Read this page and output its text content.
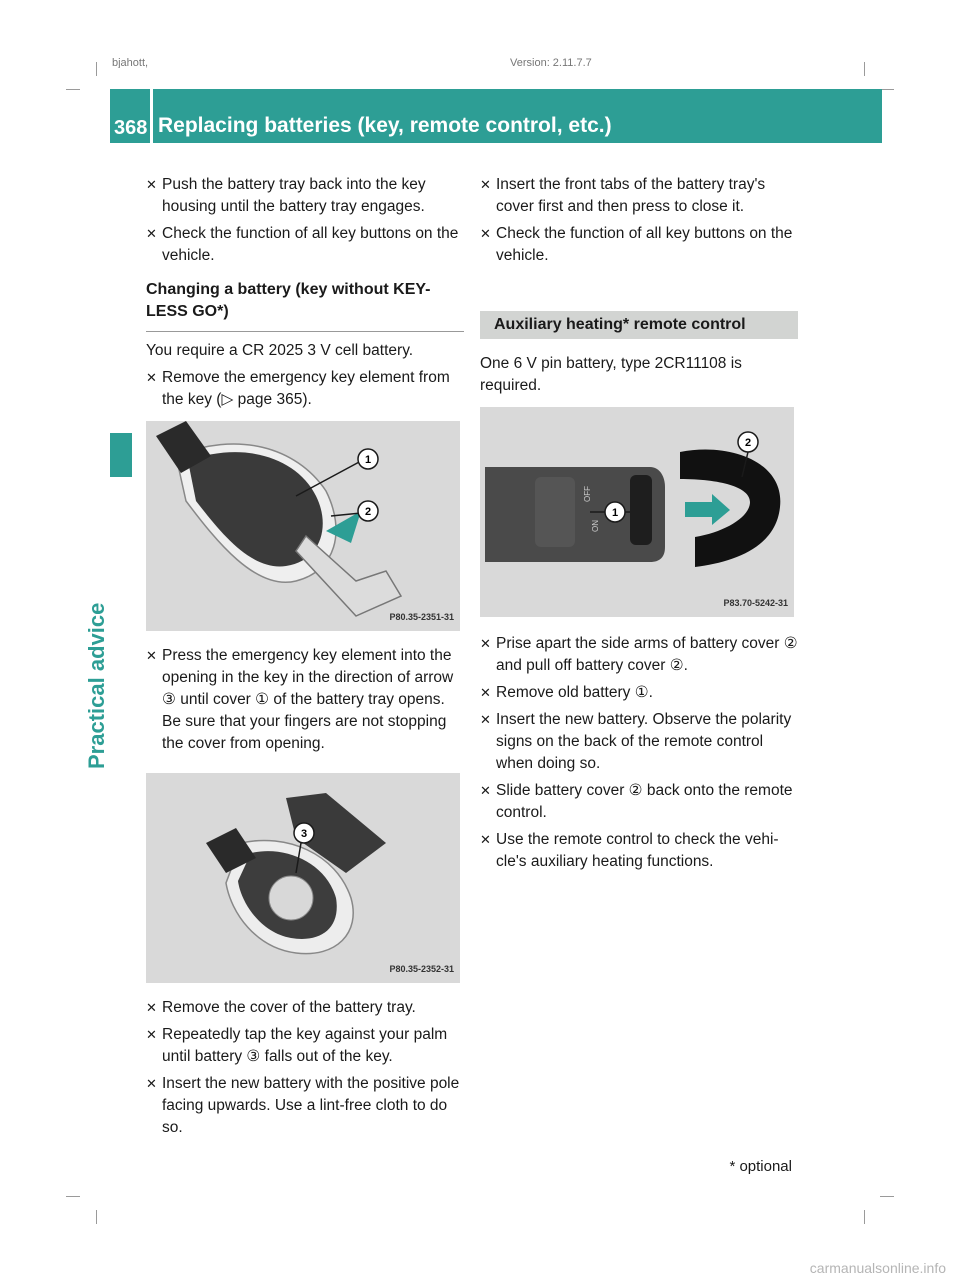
bjahott,	Version: 2.11.7.7
Practical advice
368 Replacing batteries (key, remote control, etc.)
✕ Push the battery tray back into the key housing until the battery tray engages.
✕ Check the function of all key buttons on the vehicle.
Changing a battery (key without KEY-LESS GO*)

You require a CR 2025 3 V cell battery.

✕ Remove the emergency key element from the key (▷ page 365).
1
2
P80.35-2351-31
✕ Press the emergency key element into the opening in the key in the direction of arrow ③ until cover ① of the battery tray opens. Be sure that your fingers are not stopping the cover from opening.
3
P80.35-2352-31
✕ Remove the cover of the battery tray.
✕ Repeatedly tap the key against your palm until battery ③ falls out of the key.
✕ Insert the new battery with the positive pole facing upwards. Use a lint-free cloth to do so.
✕ Insert the front tabs of the battery tray's cover first and then press to close it.
✕ Check the function of all key buttons on the vehicle.
Auxiliary heating* remote control

One 6 V pin battery, type 2CR11108 is required.

OFF
ON
1
2
P83.70-5242-31
✕ Prise apart the side arms of battery cover ② and pull off battery cover ②.
✕ Remove old battery ①.
✕ Insert the new battery. Observe the polarity signs on the back of the remote control when doing so.
✕ Slide battery cover ② back onto the remote control.
✕ Use the remote control to check the vehi-cle's auxiliary heating functions.
* optional
carmanualsonline.info
